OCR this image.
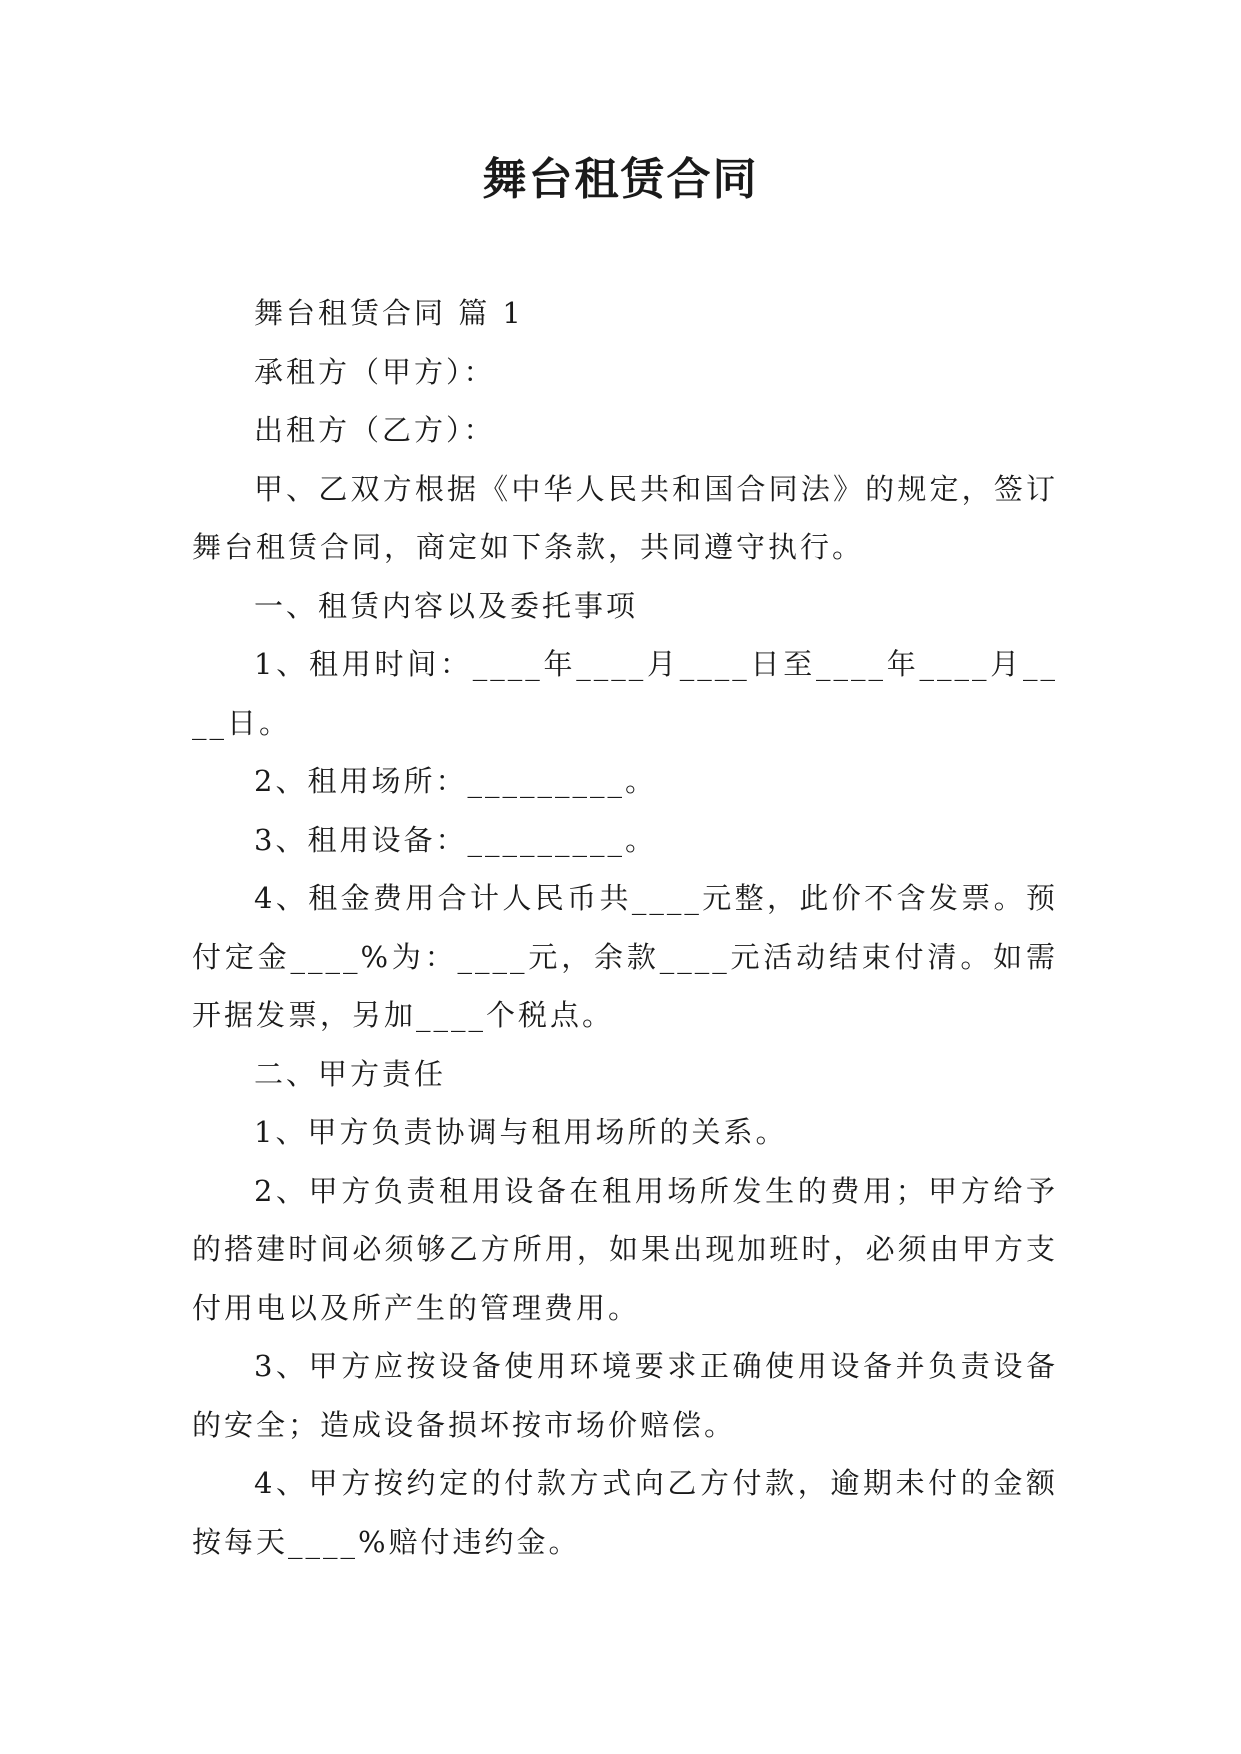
舞台租赁合同

舞台租赁合同 篇 1

承租方（甲方）：

出租方（乙方）：

甲、乙双方根据《中华人民共和国合同法》的规定，签订舞台租赁合同，商定如下条款，共同遵守执行。

一、租赁内容以及委托事项

1、租用时间：____年____月____日至____年____月____日。

2、租用场所：_________。

3、租用设备：_________。

4、租金费用合计人民币共____元整，此价不含发票。预付定金____%为：____元，余款____元活动结束付清。如需开据发票，另加____个税点。

二、甲方责任

1、甲方负责协调与租用场所的关系。

2、甲方负责租用设备在租用场所发生的费用；甲方给予的搭建时间必须够乙方所用，如果出现加班时，必须由甲方支付用电以及所产生的管理费用。

3、甲方应按设备使用环境要求正确使用设备并负责设备的安全；造成设备损坏按市场价赔偿。

4、甲方按约定的付款方式向乙方付款，逾期未付的金额按每天____%赔付违约金。
